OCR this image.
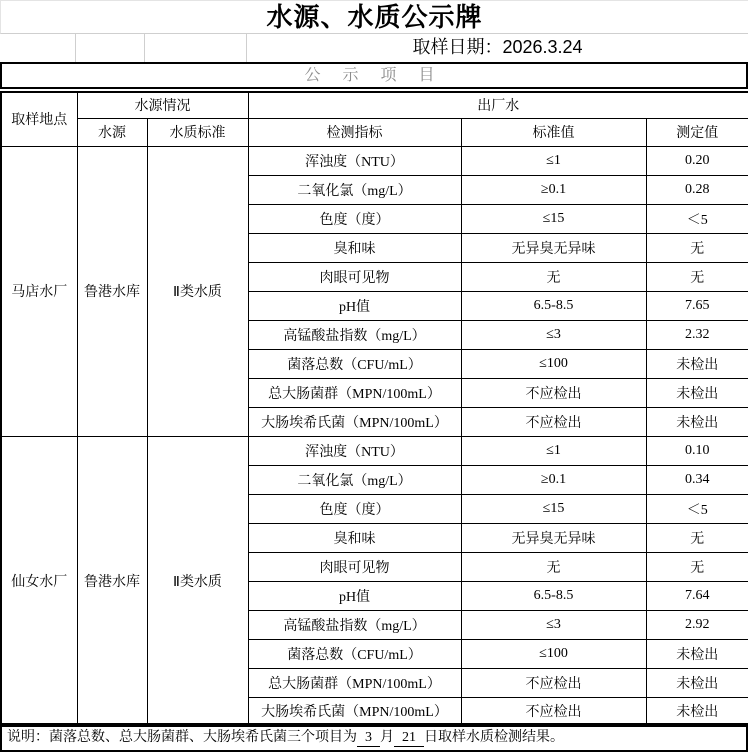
水源、水质公示牌
取样日期：2026.3.24
公 示 项 目
取样地点	水源情况		出厂水		
	水源	水质标准	检测指标	标准值	测定值
马店水厂	鲁港水库	Ⅱ类水质	浑浊度（NTU）	≤1	0.20
			二氧化氯（mg/L）	≥0.1	0.28
			色度（度）	≤15	＜5
			臭和味	无异臭无异味	无
			肉眼可见物	无	无
			pH值	6.5-8.5	7.65
			高锰酸盐指数（mg/L）	≤3	2.32
			菌落总数（CFU/mL）	≤100	未检出
			总大肠菌群（MPN/100mL）	不应检出	未检出
			大肠埃希氏菌（MPN/100mL）	不应检出	未检出
仙女水厂	鲁港水库	Ⅱ类水质	浑浊度（NTU）	≤1	0.10
			二氧化氯（mg/L）	≥0.1	0.34
			色度（度）	≤15	＜5
			臭和味	无异臭无异味	无
			肉眼可见物	无	无
			pH值	6.5-8.5	7.64
			高锰酸盐指数（mg/L）	≤3	2.92
			菌落总数（CFU/mL）	≤100	未检出
			总大肠菌群（MPN/100mL）	不应检出	未检出
			大肠埃希氏菌（MPN/100mL）	不应检出	未检出
说明：菌落总数、总大肠菌群、大肠埃希氏菌三个项目为 3 月 21 日取样水质检测结果。
